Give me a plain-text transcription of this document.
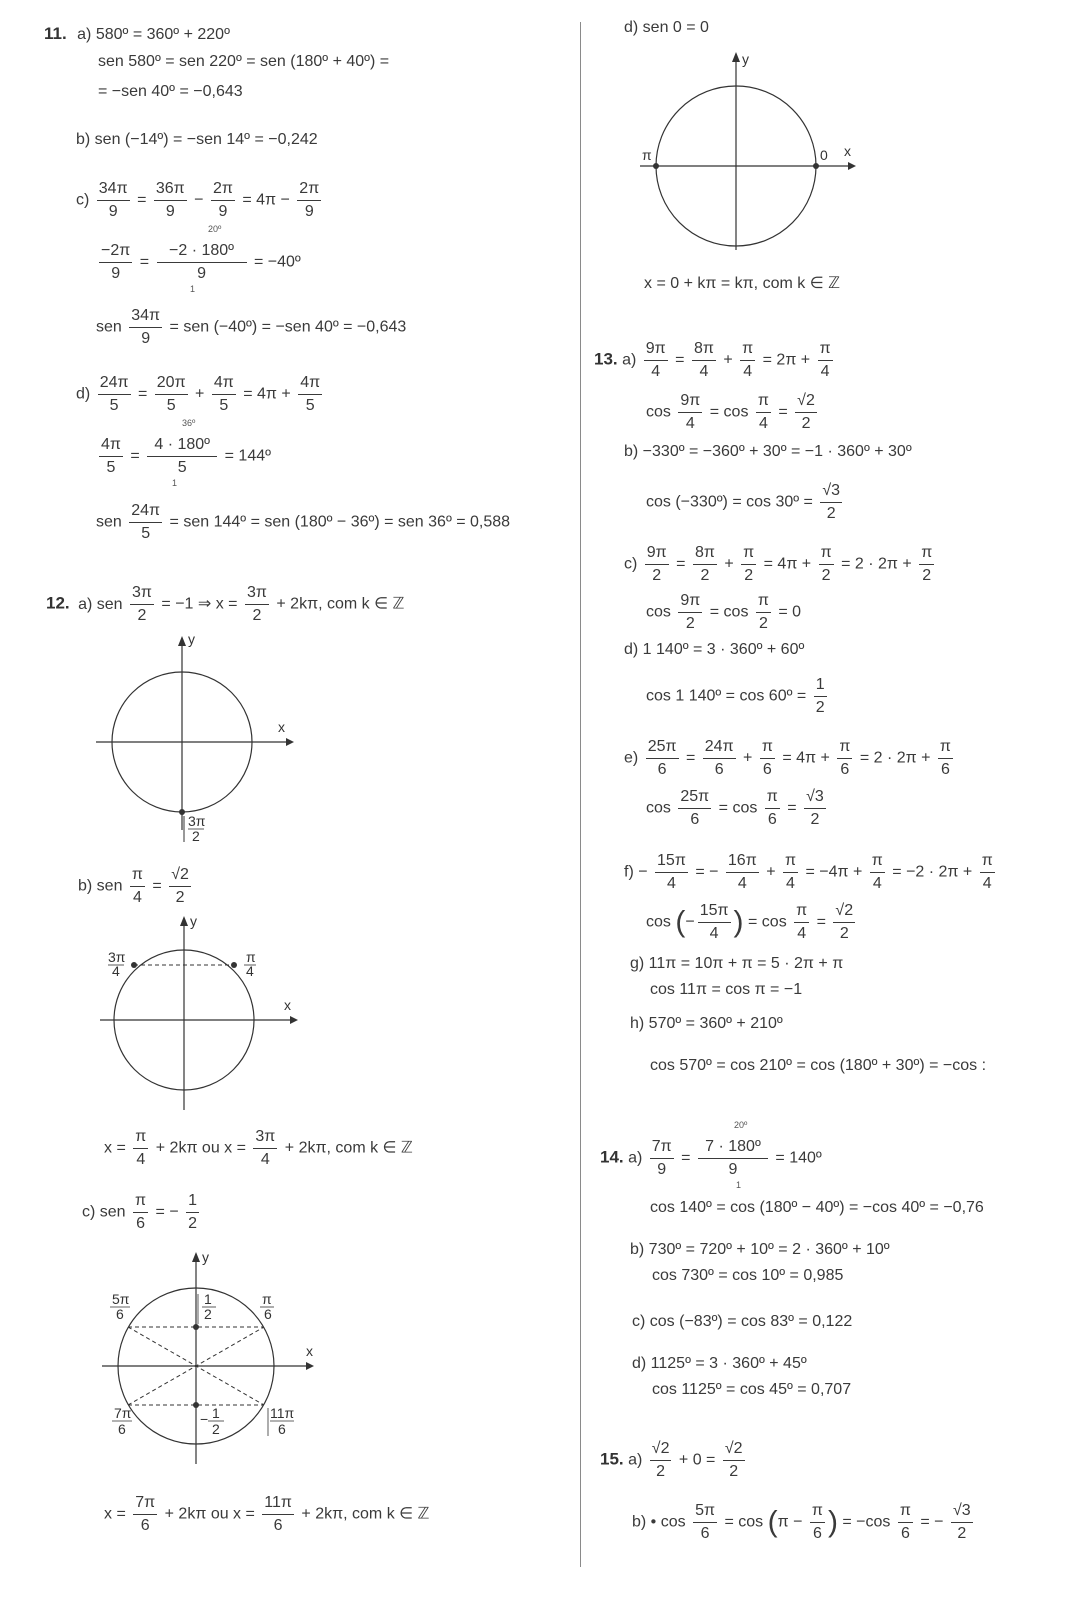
11. a) 580º = 360º + 220º
sen 580º = sen 220º = sen (180º + 40º) =
= −sen 40º = −0,643
b) sen (−14º) = −sen 14º = −0,242
$c) \frac{34\pi}{9} = \frac{36\pi}{9} - \frac{2\pi}{9} = 4\pi - \frac{2\pi}{9}$
20º
$\frac{-2\pi}{9} = \frac{\text{−2 · 180º}}{9}$ = −40º
1
sen $\frac{34\pi}{9}$ = sen (−40º) = −sen 40º = −0,643
$d) \frac{24\pi}{5} = \frac{20\pi}{5} + \frac{4\pi}{5} = 4\pi + \frac{4\pi}{5}$
36º
$\frac{4\pi}{5} = \frac{\text{4 · 180º}}{5}$ = 144º
1
sen $\frac{24\pi}{5}$ = sen 144º = sen (180º − 36º) = sen 36º = 0,588
12. a) sen $\frac{3\pi}{2} = -1$ ⇒ $x = \frac{3\pi}{2} + 2k\pi$, com k ∈ ℤ
y
x
3π
2
b) sen $\frac{\pi}{4} = \frac{√2}{2}$
y
x
3π
4
π
4
$x = \frac{\pi}{4} + 2k\pi$ ou $x = \frac{3\pi}{4} + 2k\pi$, com k ∈ ℤ
c) sen $\frac{\pi}{6}$ = − $\frac{1}{2}$
y
x
5π
6
1
2
π
6
7π
6
− 1
2
11π
6
$x = \frac{7\pi}{6} + 2k\pi$ ou $x = \frac{11\pi}{6} + 2k\pi$, com k ∈ ℤ
d) sen 0 = 0
y
x
π	0
x = 0 + kπ = kπ, com k ∈ ℤ
13. $a) \frac{9\pi}{4} = \frac{8\pi}{4} + \frac{\pi}{4} = 2\pi + \frac{\pi}{4}$
$\cos \frac{9\pi}{4} = \cos \frac{\pi}{4} = \frac{√2}{2}$
b) −330º = −360º + 30º = −1 · 360º + 30º
cos (−330º) = cos 30º = $\frac{√3}{2}$
$c) \frac{9\pi}{2} = \frac{8\pi}{2} + \frac{\pi}{2} = 4\pi + \frac{\pi}{2} = 2 \cdot 2\pi + \frac{\pi}{2}$
$\cos \frac{9\pi}{2} = \cos \frac{\pi}{2} = 0$
d) 1 140º = 3 · 360º + 60º
cos 1 140º = cos 60º = $\frac{1}{2}$
$e) \frac{25\pi}{6} = \frac{24\pi}{6} + \frac{\pi}{6} = 4\pi + \frac{\pi}{6} = 2 \cdot 2\pi + \frac{\pi}{6}$
$\cos \frac{25\pi}{6} = \cos \frac{\pi}{6} = \frac{√3}{2}$
$f) - \frac{15\pi}{4}$ = − $\frac{16\pi}{4} + \frac{\pi}{4} = -4\pi + \frac{\pi}{4} = -2 \cdot 2\pi + \frac{\pi}{4}$
cos (− $\frac{15\pi}{4}$ ) = $\cos \frac{\pi}{4} = \frac{√2}{2}$
g) 11π = 10π + π = 5 · 2π + π
cos 11π = cos π = −1
h) 570º = 360º + 210º
cos 570º = cos 210º = cos (180º + 30º) = −cos :
20º
14. $a) \frac{7\pi}{9} = \frac{\text{7 · 180º}}{9}$ = 140º
1
cos 140º = cos (180º − 40º) = −cos 40º = −0,76
b) 730º = 720º + 10º = 2 · 360º + 10º
cos 730º = cos 10º = 0,985
c) cos (−83º) = cos 83º = 0,122
d) 1125º = 3 · 360º + 45º
cos 1125º = cos 45º = 0,707
15. $a) \frac{√2}{2} + 0 = \frac{√2}{2}$
b) • $\cos \frac{5\pi}{6} = \cos (\pi - \frac{\pi}{6}$ ) = $-\cos \frac{\pi}{6}$ = − $\frac{√3}{2}$
